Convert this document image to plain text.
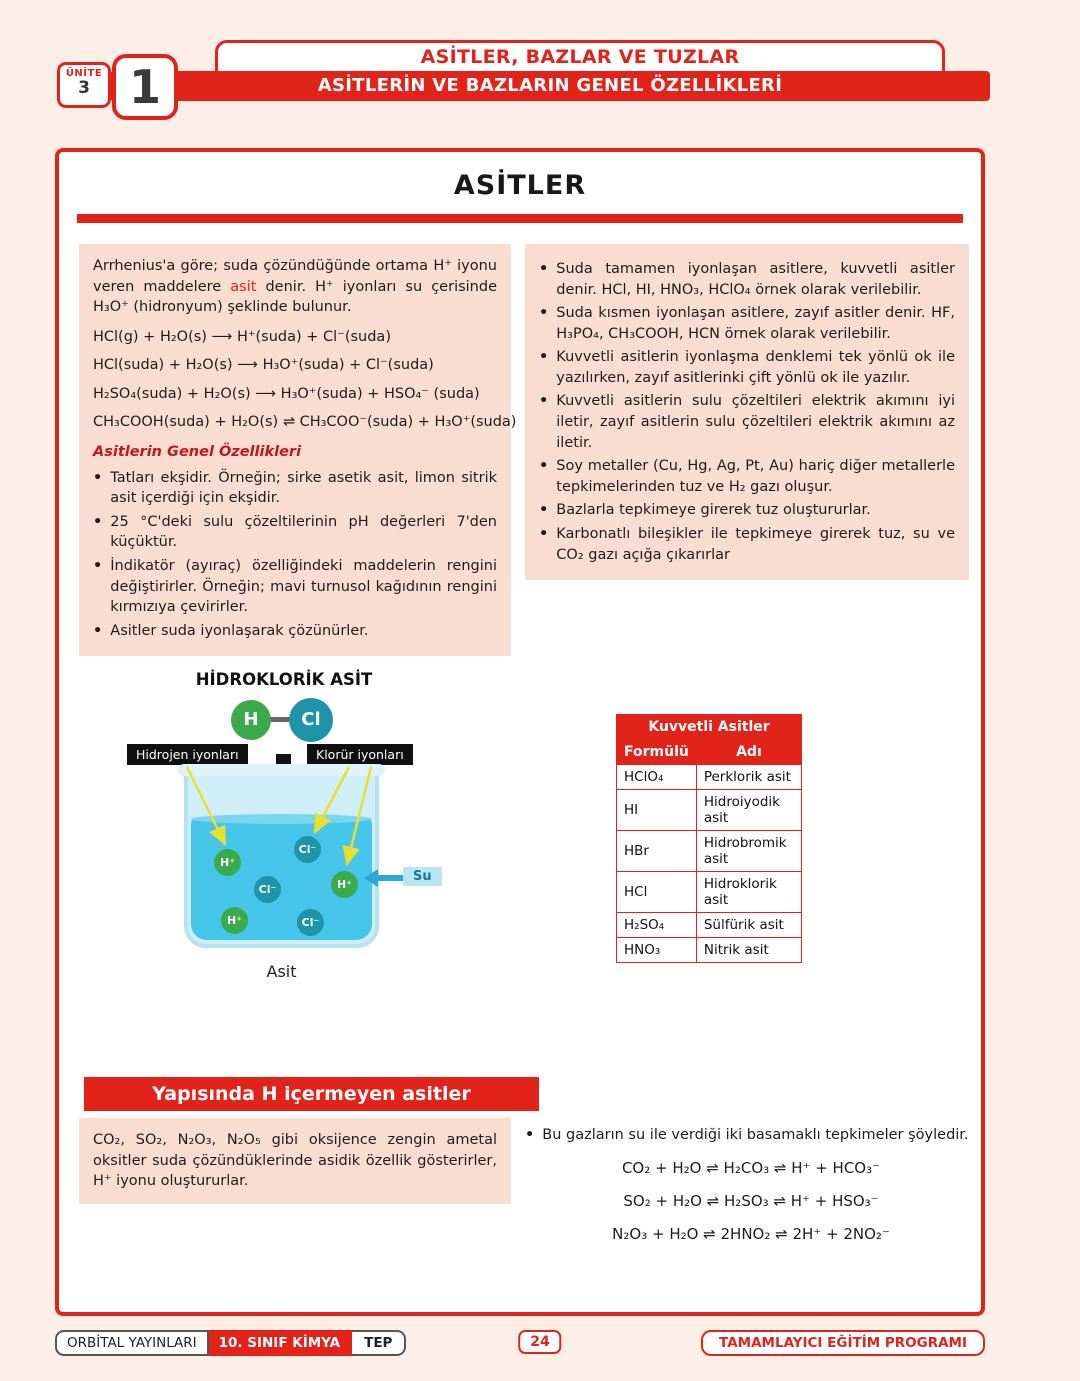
ASİTLER, BAZLAR VE TUZLAR
ASİTLERİN VE BAZLARIN GENEL ÖZELLİKLERİ
ÜNİTE
3 1
ASİTLER

Arrhenius'a göre; suda çözündüğünde ortama H⁺ iyonu veren maddelere asit denir. H⁺ iyonları su çerisinde H₃O⁺ (hidronyum) şeklinde bulunur.

HCl(g) + H₂O(s) ⟶ H⁺(suda) + Cl⁻(suda)
HCl(suda) + H₂O(s) ⟶ H₃O⁺(suda) + Cl⁻(suda)
H₂SO₄(suda) + H₂O(s) ⟶ H₃O⁺(suda) + HSO₄⁻ (suda)
CH₃COOH(suda) + H₂O(s) ⇌ CH₃COO⁻(suda) + H₃O⁺(suda)
Asitlerin Genel Özellikleri
•
Tatları ekşidir. Örneğin; sirke asetik asit, limon sitrik asit içerdiği için ekşidir.
•
25 °C'deki sulu çözeltilerinin pH değerleri 7'den küçüktür.
•
İndikatör (ayıraç) özelliğindeki maddelerin rengini değiştirirler. Örneğin; mavi turnusol kağıdının rengini kırmızıya çevirirler.
•
Asitler suda iyonlaşarak çözünürler.
•
Suda tamamen iyonlaşan asitlere, kuvvetli asitler denir. HCl, HI, HNO₃, HClO₄ örnek olarak verilebilir.
•
Suda kısmen iyonlaşan asitlere, zayıf asitler denir. HF, H₃PO₄, CH₃COOH, HCN örnek olarak verilebilir.
•
Kuvvetli asitlerin iyonlaşma denklemi tek yönlü ok ile yazılırken, zayıf asitlerinki çift yönlü ok ile yazılır.
•
Kuvvetli asitlerin sulu çözeltileri elektrik akımını iyi iletir, zayıf asitlerin sulu çözeltileri elektrik akımını az iletir.
•
Soy metaller (Cu, Hg, Ag, Pt, Au) hariç diğer metallerle tepkimelerinden tuz ve H₂ gazı oluşur.
•
Bazlarla tepkimeye girerek tuz oluştururlar.
•
Karbonatlı bileşikler ile tepkimeye girerek tuz, su ve CO₂ gazı açığa çıkarırlar
HİDROKLORİK ASİT
H	Cl
Hidrojen iyonları	Klorür iyonları
H⁺
Cl⁻
Cl⁻	H⁺
H⁺	Cl⁻
Su
Asit
Kuvvetli Asitler	
Formülü	Adı
HClO₄	Perklorik asit
HI	Hidroiyodik asit
HBr	Hidrobromik asit
HCl	Hidroklorik asit
H₂SO₄	Sülfürik asit
HNO₃	Nitrik asit
Yapısında H içermeyen asitler

CO₂, SO₂, N₂O₃, N₂O₅ gibi oksijence zengin ametal oksitler suda çözündüklerinde asidik özellik gösterirler, H⁺ iyonu oluştururlar.

•
Bu gazların su ile verdiği iki basamaklı tepkimeler şöyledir.
CO₂ + H₂O ⇌ H₂CO₃ ⇌ H⁺ + HCO₃⁻
SO₂ + H₂O ⇌ H₂SO₃ ⇌ H⁺ + HSO₃⁻
N₂O₃ + H₂O ⇌ 2HNO₂ ⇌ 2H⁺ + 2NO₂⁻
ORBİTAL YAYINLARI	10. SINIF KİMYA	TEP	24	TAMAMLAYICI EĞİTİM PROGRAMI
